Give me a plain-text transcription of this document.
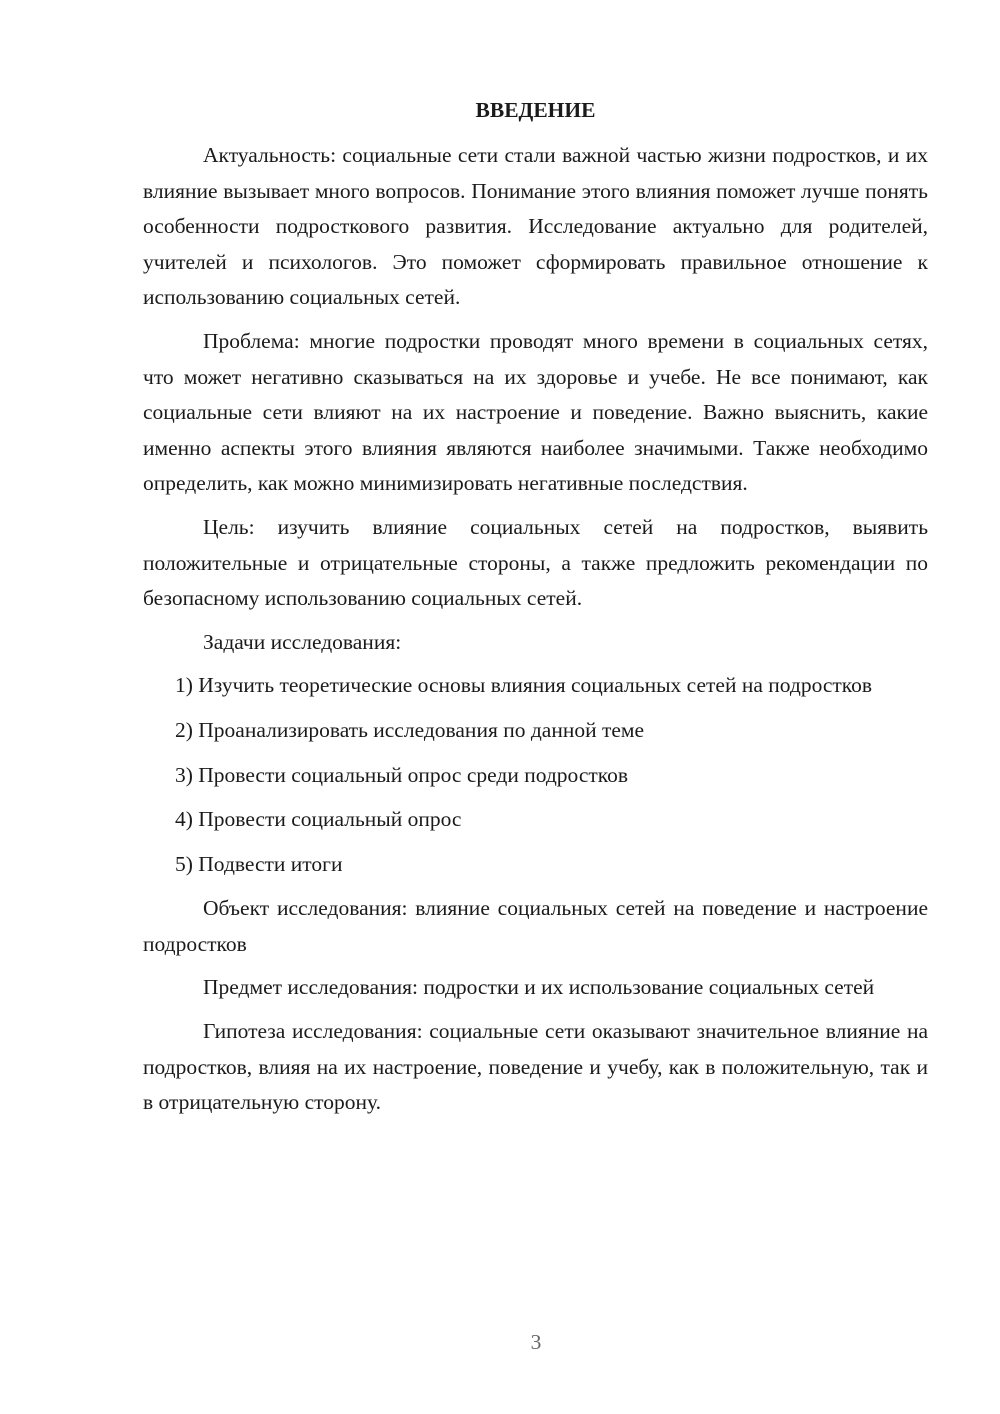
ВВЕДЕНИЕ

Актуальность: социальные сети стали важной частью жизни подростков, и их влияние вызывает много вопросов. Понимание этого влияния поможет лучше понять особенности подросткового развития. Исследование актуально для родителей, учителей и психологов. Это поможет сформировать правильное отношение к использованию социальных сетей.

Проблема: многие подростки проводят много времени в социальных сетях, что может негативно сказываться на их здоровье и учебе. Не все понимают, как социальные сети влияют на их настроение и поведение. Важно выяснить, какие именно аспекты этого влияния являются наиболее значимыми. Также необходимо определить, как можно минимизировать негативные последствия.

Цель: изучить влияние социальных сетей на подростков, выявить положительные и отрицательные стороны, а также предложить рекомендации по безопасному использованию социальных сетей.

Задачи исследования:

1) Изучить теоретические основы влияния социальных сетей на подростков

2) Проанализировать исследования по данной теме

3) Провести социальный опрос среди подростков

4) Провести социальный опрос

5) Подвести итоги

Объект исследования: влияние социальных сетей на поведение и настроение подростков

Предмет исследования: подростки и их использование социальных сетей

Гипотеза исследования: социальные сети оказывают значительное влияние на подростков, влияя на их настроение, поведение и учебу, как в положительную, так и в отрицательную сторону.

3
